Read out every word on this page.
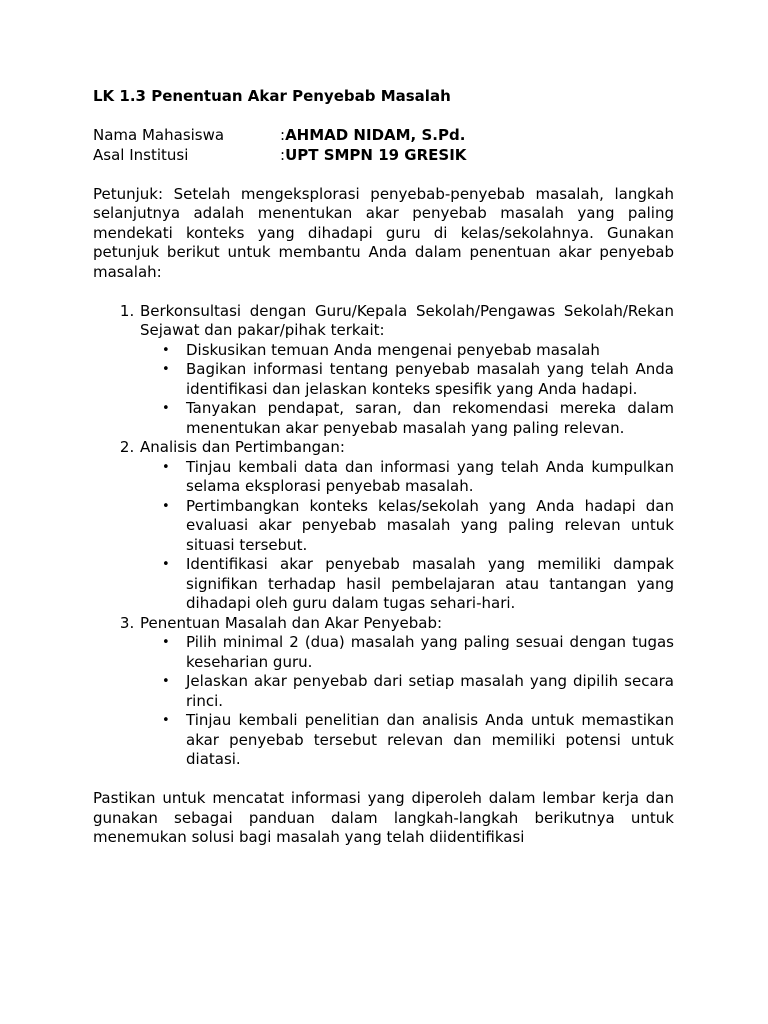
LK 1.3 Penentuan Akar Penyebab Masalah
Nama Mahasiswa	: AHMAD NIDAM, S.Pd.
Asal Institusi	: UPT SMPN 19 GRESIK

Petunjuk: Setelah mengeksplorasi penyebab-penyebab masalah, langkah selanjutnya adalah menentukan akar penyebab masalah yang paling mendekati konteks yang dihadapi guru di kelas/sekolahnya. Gunakan petunjuk berikut untuk membantu Anda dalam penentuan akar penyebab masalah:

1. Berkonsultasi dengan Guru/Kepala Sekolah/Pengawas Sekolah/Rekan Sejawat dan pakar/pihak terkait:
• Diskusikan temuan Anda mengenai penyebab masalah
• Bagikan informasi tentang penyebab masalah yang telah Anda identifikasi dan jelaskan konteks spesifik yang Anda hadapi.
• Tanyakan pendapat, saran, dan rekomendasi mereka dalam menentukan akar penyebab masalah yang paling relevan.
2. Analisis dan Pertimbangan:
• Tinjau kembali data dan informasi yang telah Anda kumpulkan selama eksplorasi penyebab masalah.
• Pertimbangkan konteks kelas/sekolah yang Anda hadapi dan evaluasi akar penyebab masalah yang paling relevan untuk situasi tersebut.
• Identifikasi akar penyebab masalah yang memiliki dampak signifikan terhadap hasil pembelajaran atau tantangan yang dihadapi oleh guru dalam tugas sehari-hari.
3. Penentuan Masalah dan Akar Penyebab:
• Pilih minimal 2 (dua) masalah yang paling sesuai dengan tugas keseharian guru.
• Jelaskan akar penyebab dari setiap masalah yang dipilih secara rinci.
• Tinjau kembali penelitian dan analisis Anda untuk memastikan akar penyebab tersebut relevan dan memiliki potensi untuk diatasi.

Pastikan untuk mencatat informasi yang diperoleh dalam lembar kerja dan gunakan sebagai panduan dalam langkah-langkah berikutnya untuk menemukan solusi bagi masalah yang telah diidentifikasi
